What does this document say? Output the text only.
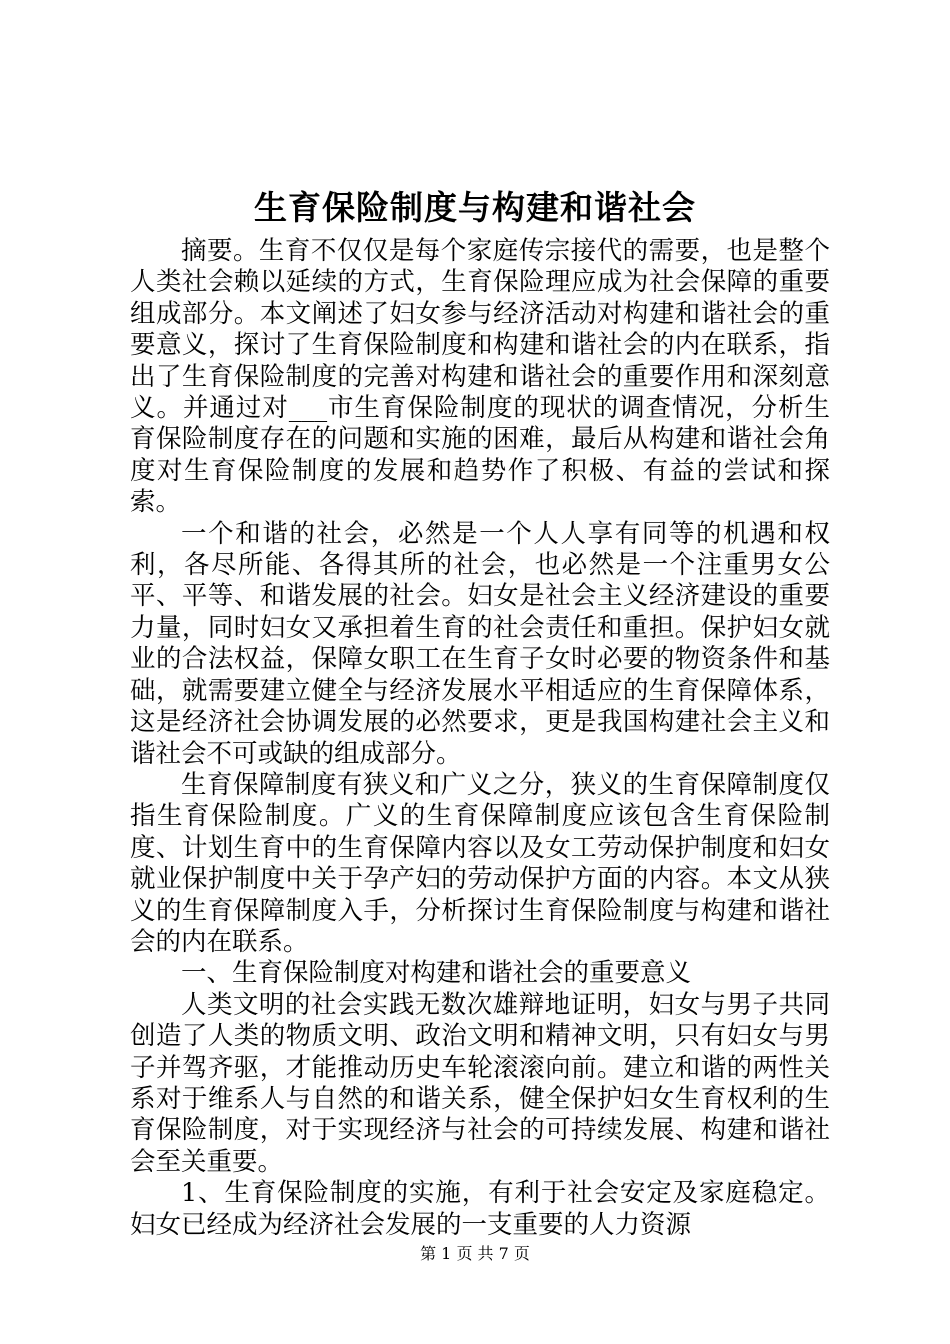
生育保险制度与构建和谐社会

摘要。生育不仅仅是每个家庭传宗接代的需要，也是整个人类社会赖以延续的方式，生育保险理应成为社会保障的重要组成部分。本文阐述了妇女参与经济活动对构建和谐社会的重要意义，探讨了生育保险制度和构建和谐社会的内在联系，指出了生育保险制度的完善对构建和谐社会的重要作用和深刻意义。并通过对___市生育保险制度的现状的调查情况，分析生育保险制度存在的问题和实施的困难，最后从构建和谐社会角度对生育保险制度的发展和趋势作了积极、有益的尝试和探索。

一个和谐的社会，必然是一个人人享有同等的机遇和权利，各尽所能、各得其所的社会，也必然是一个注重男女公平、平等、和谐发展的社会。妇女是社会主义经济建设的重要力量，同时妇女又承担着生育的社会责任和重担。保护妇女就业的合法权益，保障女职工在生育子女时必要的物资条件和基础，就需要建立健全与经济发展水平相适应的生育保障体系，这是经济社会协调发展的必然要求，更是我国构建社会主义和谐社会不可或缺的组成部分。

生育保障制度有狭义和广义之分，狭义的生育保障制度仅指生育保险制度。广义的生育保障制度应该包含生育保险制度、计划生育中的生育保障内容以及女工劳动保护制度和妇女就业保护制度中关于孕产妇的劳动保护方面的内容。本文从狭义的生育保障制度入手，分析探讨生育保险制度与构建和谐社会的内在联系。

一、生育保险制度对构建和谐社会的重要意义

人类文明的社会实践无数次雄辩地证明，妇女与男子共同创造了人类的物质文明、政治文明和精神文明，只有妇女与男子并驾齐驱，才能推动历史车轮滚滚向前。建立和谐的两性关系对于维系人与自然的和谐关系，健全保护妇女生育权利的生育保险制度，对于实现经济与社会的可持续发展、构建和谐社会至关重要。

1、生育保险制度的实施，有利于社会安定及家庭稳定。妇女已经成为经济社会发展的一支重要的人力资源

第 1 页 共 7 页
